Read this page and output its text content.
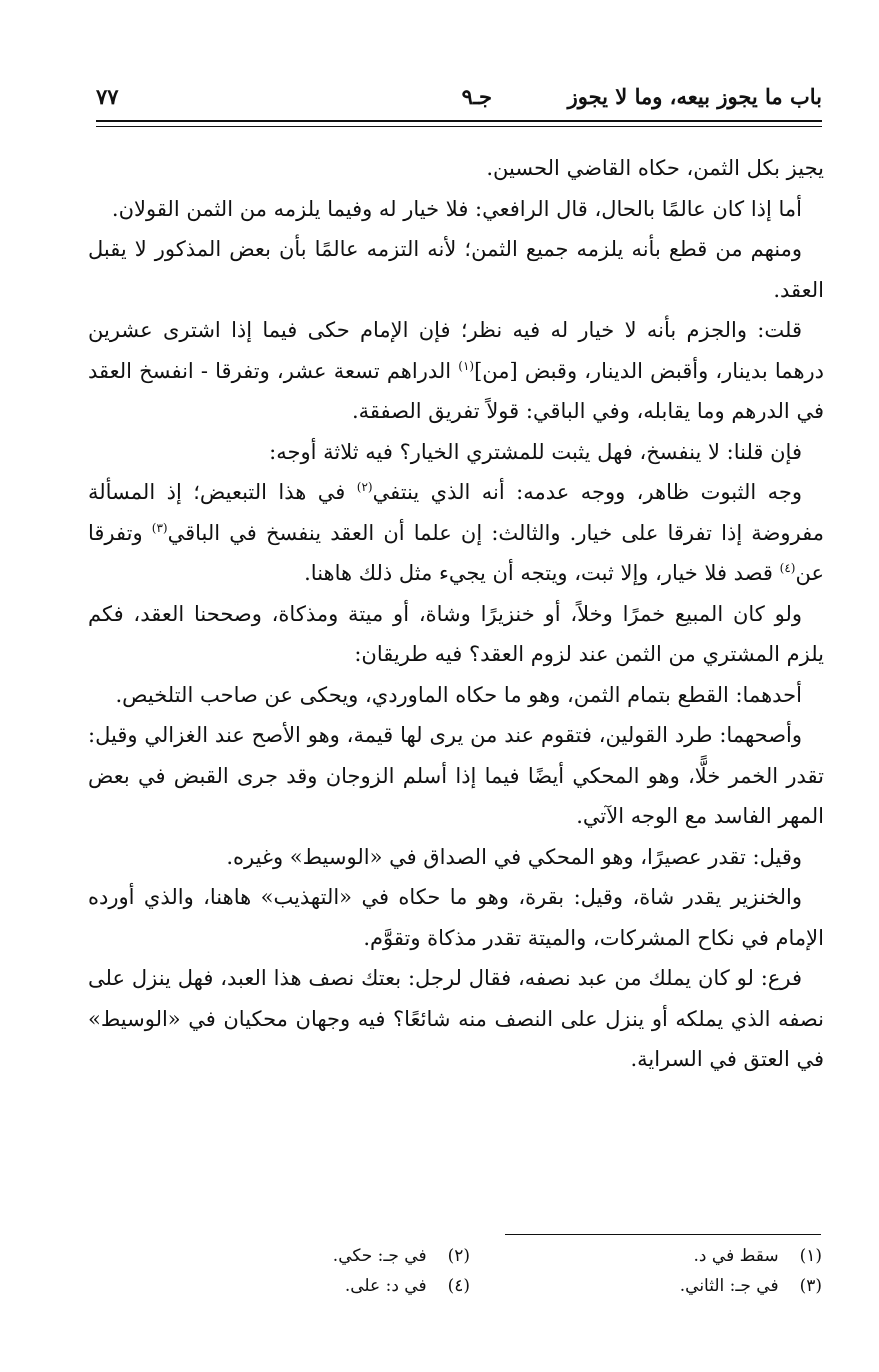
باب ما يجوز بيعه، وما لا يجوز
جـ٩
٧٧

يجيز بكل الثمن، حكاه القاضي الحسين.

أما إذا كان عالمًا بالحال، قال الرافعي: فلا خيار له وفيما يلزمه من الثمن القولان.

ومنهم من قطع بأنه يلزمه جميع الثمن؛ لأنه التزمه عالمًا بأن بعض المذكور لا يقبل العقد.

قلت: والجزم بأنه لا خيار له فيه نظر؛ فإن الإمام حكى فيما إذا اشترى عشرين درهما بدينار، وأقبض الدينار، وقبض [من]$^{(١)}$ الدراهم تسعة عشر، وتفرقا - انفسخ العقد في الدرهم وما يقابله، وفي الباقي: قولاً تفريق الصفقة.

فإن قلنا: لا ينفسخ، فهل يثبت للمشتري الخيار؟ فيه ثلاثة أوجه:

وجه الثبوت ظاهر، ووجه عدمه: أنه الذي ينتفي$^{(٢)}$ في هذا التبعيض؛ إذ المسألة مفروضة إذا تفرقا على خيار. والثالث: إن علما أن العقد ينفسخ في الباقي$^{(٣)}$ وتفرقا عن$^{(٤)}$ قصد فلا خيار، وإلا ثبت، ويتجه أن يجيء مثل ذلك هاهنا.

ولو كان المبيع خمرًا وخلاً، أو خنزيرًا وشاة، أو ميتة ومذكاة، وصححنا العقد، فكم يلزم المشتري من الثمن عند لزوم العقد؟ فيه طريقان:

أحدهما: القطع بتمام الثمن، وهو ما حكاه الماوردي، ويحكى عن صاحب التلخيص.

وأصحهما: طرد القولين، فتقوم عند من يرى لها قيمة، وهو الأصح عند الغزالي وقيل: تقدر الخمر خلًّا، وهو المحكي أيضًا فيما إذا أسلم الزوجان وقد جرى القبض في بعض المهر الفاسد مع الوجه الآتي.

وقيل: تقدر عصيرًا، وهو المحكي في الصداق في «الوسيط» وغيره.

والخنزير يقدر شاة، وقيل: بقرة، وهو ما حكاه في «التهذيب» هاهنا، والذي أورده الإمام في نكاح المشركات، والميتة تقدر مذكاة وتقوَّم.

فرع: لو كان يملك من عبد نصفه، فقال لرجل: بعتك نصف هذا العبد، فهل ينزل على نصفه الذي يملكه أو ينزل على النصف منه شائعًا؟ فيه وجهان محكيان في «الوسيط» في العتق في السراية.

(١) سقط في د.
(٢) في جـ: حكي.
(٣) في جـ: الثاني.
(٤) في د: على.
